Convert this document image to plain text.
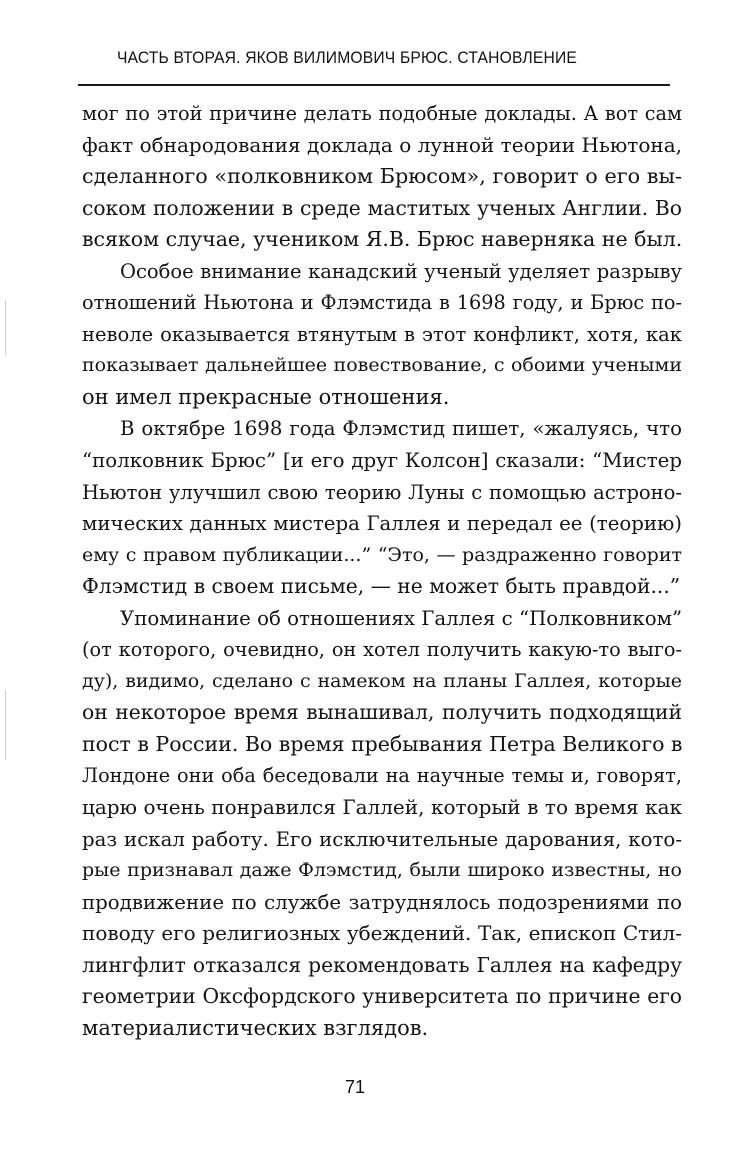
ЧАСТЬ ВТОРАЯ. ЯКОВ ВИЛИМОВИЧ БРЮС. СТАНОВЛЕНИЕ
мог по этой причине делать подобные доклады. А вот сам
факт обнародования доклада о лунной теории Ньютона,
сделанного «полковником Брюсом», говорит о его вы-
соком положении в среде маститых ученых Англии. Во
всяком случае, учеником Я.В. Брюс наверняка не был.
Особое внимание канадский ученый уделяет разрыву
отношений Ньютона и Флэмстида в 1698 году, и Брюс по-
неволе оказывается втянутым в этот конфликт, хотя, как
показывает дальнейшее повествование, с обоими учеными
он имел прекрасные отношения.
В октябре 1698 года Флэмстид пишет, «жалуясь, что
“полковник Брюс” [и его друг Колсон] сказали: “Мистер
Ньютон улучшил свою теорию Луны с помощью астроно-
мических данных мистера Галлея и передал ее (теорию)
ему с правом публикации...” “Это, — раздраженно говорит
Флэмстид в своем письме, — не может быть правдой...”
Упоминание об отношениях Галлея с “Полковником”
(от которого, очевидно, он хотел получить какую-то выго-
ду), видимо, сделано с намеком на планы Галлея, которые
он некоторое время вынашивал, получить подходящий
пост в России. Во время пребывания Петра Великого в
Лондоне они оба беседовали на научные темы и, говорят,
царю очень понравился Галлей, который в то время как
раз искал работу. Его исключительные дарования, кото-
рые признавал даже Флэмстид, были широко известны, но
продвижение по службе затруднялось подозрениями по
поводу его религиозных убеждений. Так, епископ Стил-
лингфлит отказался рекомендовать Галлея на кафедру
геометрии Оксфордского университета по причине его
материалистических взглядов.
71
